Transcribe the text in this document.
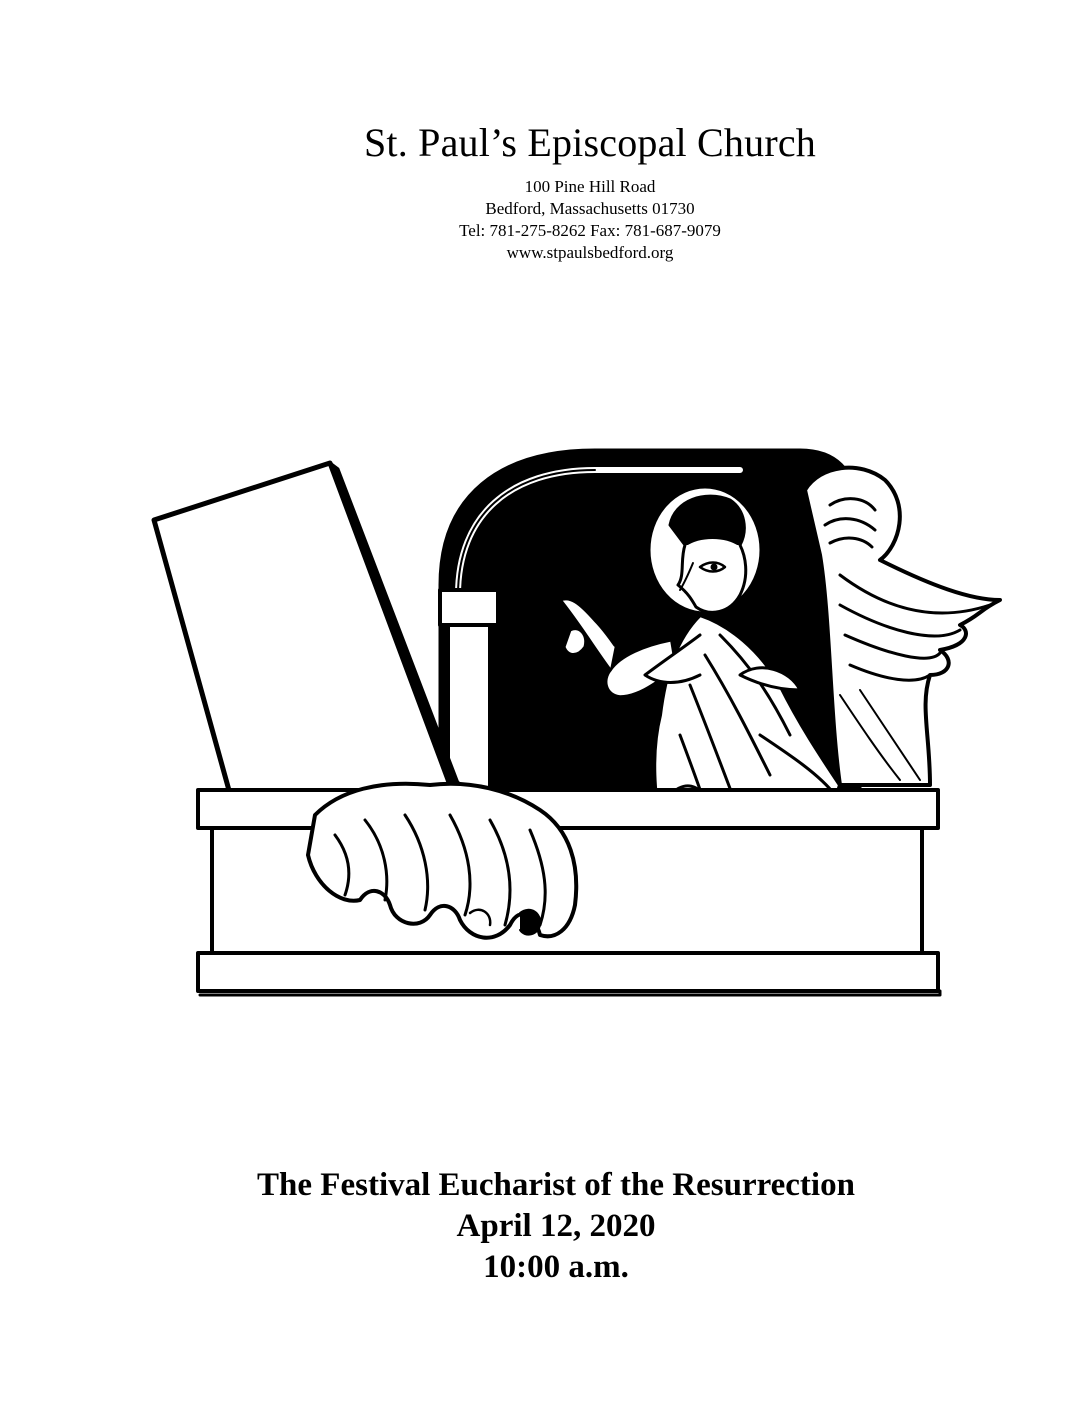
St. Paul’s Episcopal Church
100 Pine Hill Road
Bedford, Massachusetts 01730
Tel: 781-275-8262 Fax: 781-687-9079
www.stpaulsbedford.org
The Festival Eucharist of the Resurrection
April 12, 2020
10:00 a.m.
